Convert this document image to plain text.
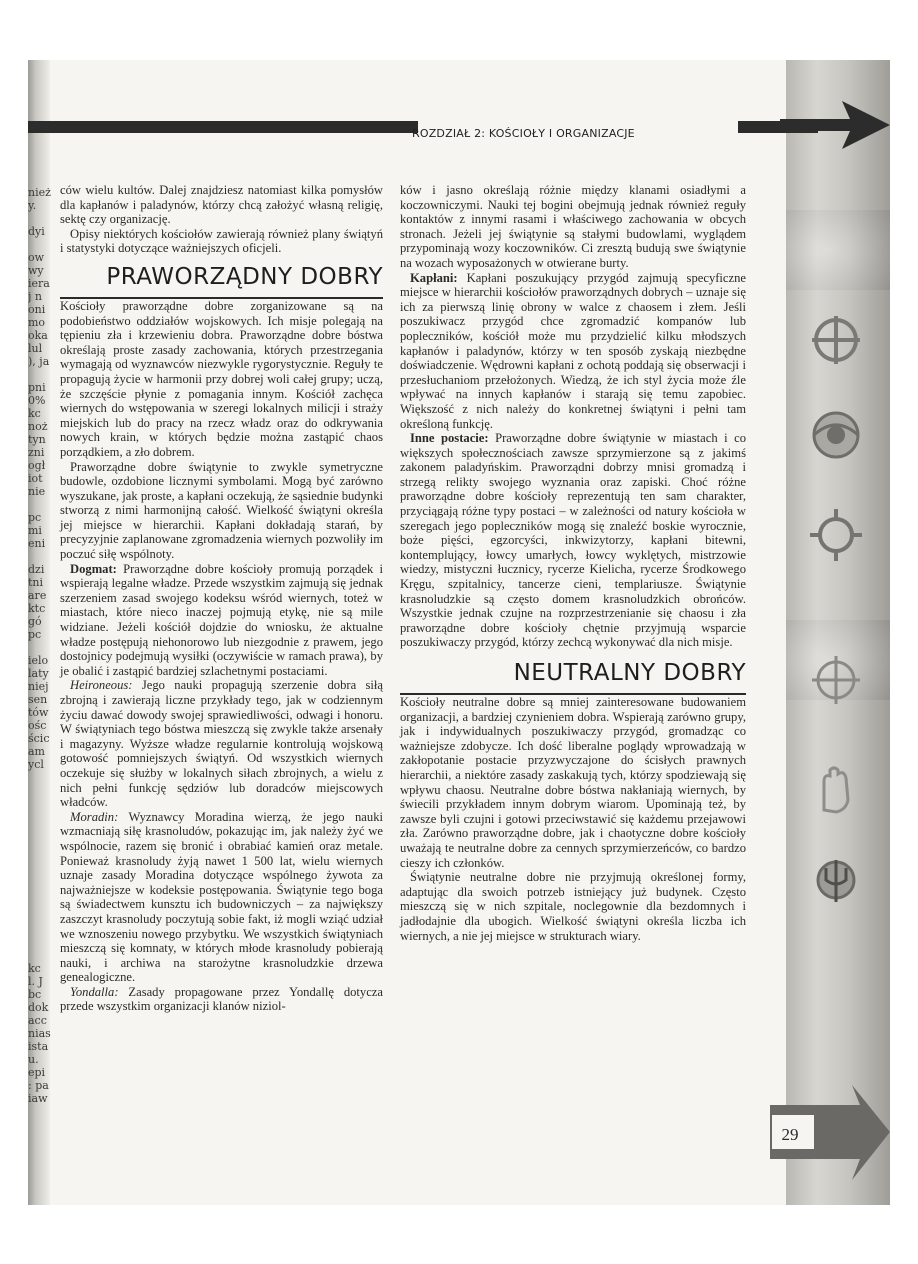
nież
y.

dyi

ow
wy
iera
j n
oni
mo
oka
lul
), ja

pni
0%
kc
noż
tyn
zni
ogł
iot
nie

pc
mi
eni

dzi
tni
are
ktc
gó
pc

ielo
laty
niej
sen
tów
ośc
ścic
am
ycl
kc
l. J
bc
dok
acc
nias
ista
u.
epi
: pa
iaw
ROZDZIAŁ 2: KOŚCIOŁY I ORGANIZACJE

ców wielu kultów. Dalej znajdziesz natomiast kilka pomysłów dla kapłanów i paladynów, którzy chcą założyć własną religię, sektę czy organizację.

Opisy niektórych kościołów zawierają również plany świątyń i statystyki dotyczące ważniejszych oficjeli.

PRAWORZĄDNY DOBRY

Kościoły praworządne dobre zorganizowane są na podobieństwo oddziałów wojskowych. Ich misje polegają na tępieniu zła i krzewieniu dobra. Praworządne dobre bóstwa określają proste zasady zachowania, których przestrzegania wymagają od wyznawców niezwykle rygorystycznie. Reguły te propagują życie w harmonii przy dobrej woli całej grupy; uczą, że szczęście płynie z pomagania innym. Kościół zachęca wiernych do wstępowania w szeregi lokalnych milicji i straży miejskich lub do pracy na rzecz władz oraz do odkrywania nowych krain, w których będzie można zastąpić chaos porządkiem, a zło dobrem.

Praworządne dobre świątynie to zwykle symetryczne budowle, ozdobione licznymi symbolami. Mogą być zarówno wyszukane, jak proste, a kapłani oczekują, że sąsiednie budynki stworzą z nimi harmonijną całość. Wielkość świątyni określa jej miejsce w hierarchii. Kapłani dokładają starań, by precyzyjnie zaplanowane zgromadzenia wiernych pozwoliły im poczuć siłę wspólnoty.

Dogmat: Praworządne dobre kościoły promują porządek i wspierają legalne władze. Przede wszystkim zajmują się jednak szerzeniem zasad swojego kodeksu wśród wiernych, toteż w miastach, które nieco inaczej pojmują etykę, nie są mile widziane. Jeżeli kościół dojdzie do wniosku, że aktualne władze postępują niehonorowo lub niezgodnie z prawem, jego dostojnicy podejmują wysiłki (oczywiście w ramach prawa), by je obalić i zastąpić bardziej szlachetnymi postaciami.

Heironeous: Jego nauki propagują szerzenie dobra siłą zbrojną i zawierają liczne przykłady tego, jak w codziennym życiu dawać dowody swojej sprawiedliwości, odwagi i honoru. W świątyniach tego bóstwa mieszczą się zwykle także arsenały i magazyny. Wyższe władze regularnie kontrolują wojskową gotowość pomniejszych świątyń. Od wszystkich wiernych oczekuje się służby w lokalnych siłach zbrojnych, a wielu z nich pełni funkcję sędziów lub doradców miejscowych władców.

Moradin: Wyznawcy Moradina wierzą, że jego nauki wzmacniają siłę krasnoludów, pokazując im, jak należy żyć we wspólnocie, razem się bronić i obrabiać kamień oraz metale. Ponieważ krasnoludy żyją nawet 1 500 lat, wielu wiernych uznaje zasady Moradina dotyczące wspólnego żywota za najważniejsze w kodeksie postępowania. Świątynie tego boga są świadectwem kunsztu ich budowniczych – za największy zaszczyt krasnoludy poczytują sobie fakt, iż mogli wziąć udział we wznoszeniu nowego przybytku. We wszystkich świątyniach mieszczą się komnaty, w których młode krasnoludy pobierają nauki, i archiwa na starożytne krasnoludzkie drzewa genealogiczne.

Yondalla: Zasady propagowane przez Yondallę dotycza przede wszystkim organizacji klanów niziol-

ków i jasno określają różnie między klanami osiadłymi a koczowniczymi. Nauki tej bogini obejmują jednak również reguły kontaktów z innymi rasami i właściwego zachowania w obcych stronach. Jeżeli jej świątynie są stałymi budowlami, wyglądem przypominają wozy koczowników. Ci zresztą budują swe świątynie na wozach wyposażonych w otwierane burty.

Kapłani: Kapłani poszukujący przygód zajmują specyficzne miejsce w hierarchii kościołów praworządnych dobrych – uznaje się ich za pierwszą linię obrony w walce z chaosem i złem. Jeśli poszukiwacz przygód chce zgromadzić kompanów lub popleczników, kościół może mu przydzielić kilku młodszych kapłanów i paladynów, którzy w ten sposób zyskają niezbędne doświadczenie. Wędrowni kapłani z ochotą poddają się obserwacji i przesłuchaniom przełożonych. Wiedzą, że ich styl życia może źle wpływać na innych kapłanów i starają się temu zapobiec. Większość z nich należy do konkretnej świątyni i pełni tam określoną funkcję.

Inne postacie: Praworządne dobre świątynie w miastach i co większych społecznościach zawsze sprzymierzone są z jakimś zakonem paladyńskim. Praworządni dobrzy mnisi gromadzą i strzegą relikty swojego wyznania oraz zapiski. Choć różne praworządne dobre kościoły reprezentują ten sam charakter, przyciągają różne typy postaci – w zależności od natury kościoła w szeregach jego popleczników mogą się znaleźć boskie wyrocznie, boże pięści, egzorcyści, inkwizytorzy, kapłani bitewni, kontemplujący, łowcy umarłych, łowcy wyklętych, mistrzowie wiedzy, mistyczni łucznicy, rycerze Kielicha, rycerze Środkowego Kręgu, szpitalnicy, tancerze cieni, templariusze. Świątynie krasnoludzkie są często domem krasnoludzkich obrońców. Wszystkie jednak czujne na rozprzestrzenianie się chaosu i zła praworządne dobre kościoły chętnie przyjmują wsparcie poszukiwaczy przygód, którzy zechcą wykonywać dla nich misje.

NEUTRALNY DOBRY

Kościoły neutralne dobre są mniej zainteresowane budowaniem organizacji, a bardziej czynieniem dobra. Wspierają zarówno grupy, jak i indywidualnych poszukiwaczy przygód, gromadząc co ważniejsze zdobycze. Ich dość liberalne poglądy wprowadzają w zakłopotanie postacie przyzwyczajone do ścisłych prawnych hierarchii, a niektóre zasady zaskakują tych, którzy spodziewają się wpływu chaosu. Neutralne dobre bóstwa nakłaniają wiernych, by świecili przykładem innym dobrym wiarom. Upominają też, by zawsze byli czujni i gotowi przeciwstawić się każdemu przejawowi zła. Zarówno praworządne dobre, jak i chaotyczne dobre kościoły uważają te neutralne dobre za cennych sprzymierzeńców, co bardzo cieszy ich członków.

Świątynie neutralne dobre nie przyjmują określonej formy, adaptując dla swoich potrzeb istniejący już budynek. Często mieszczą się w nich szpitale, noclegownie dla bezdomnych i jadłodajnie dla ubogich. Wielkość świątyni określa liczba ich wiernych, a nie jej miejsce w strukturach wiary.

29
